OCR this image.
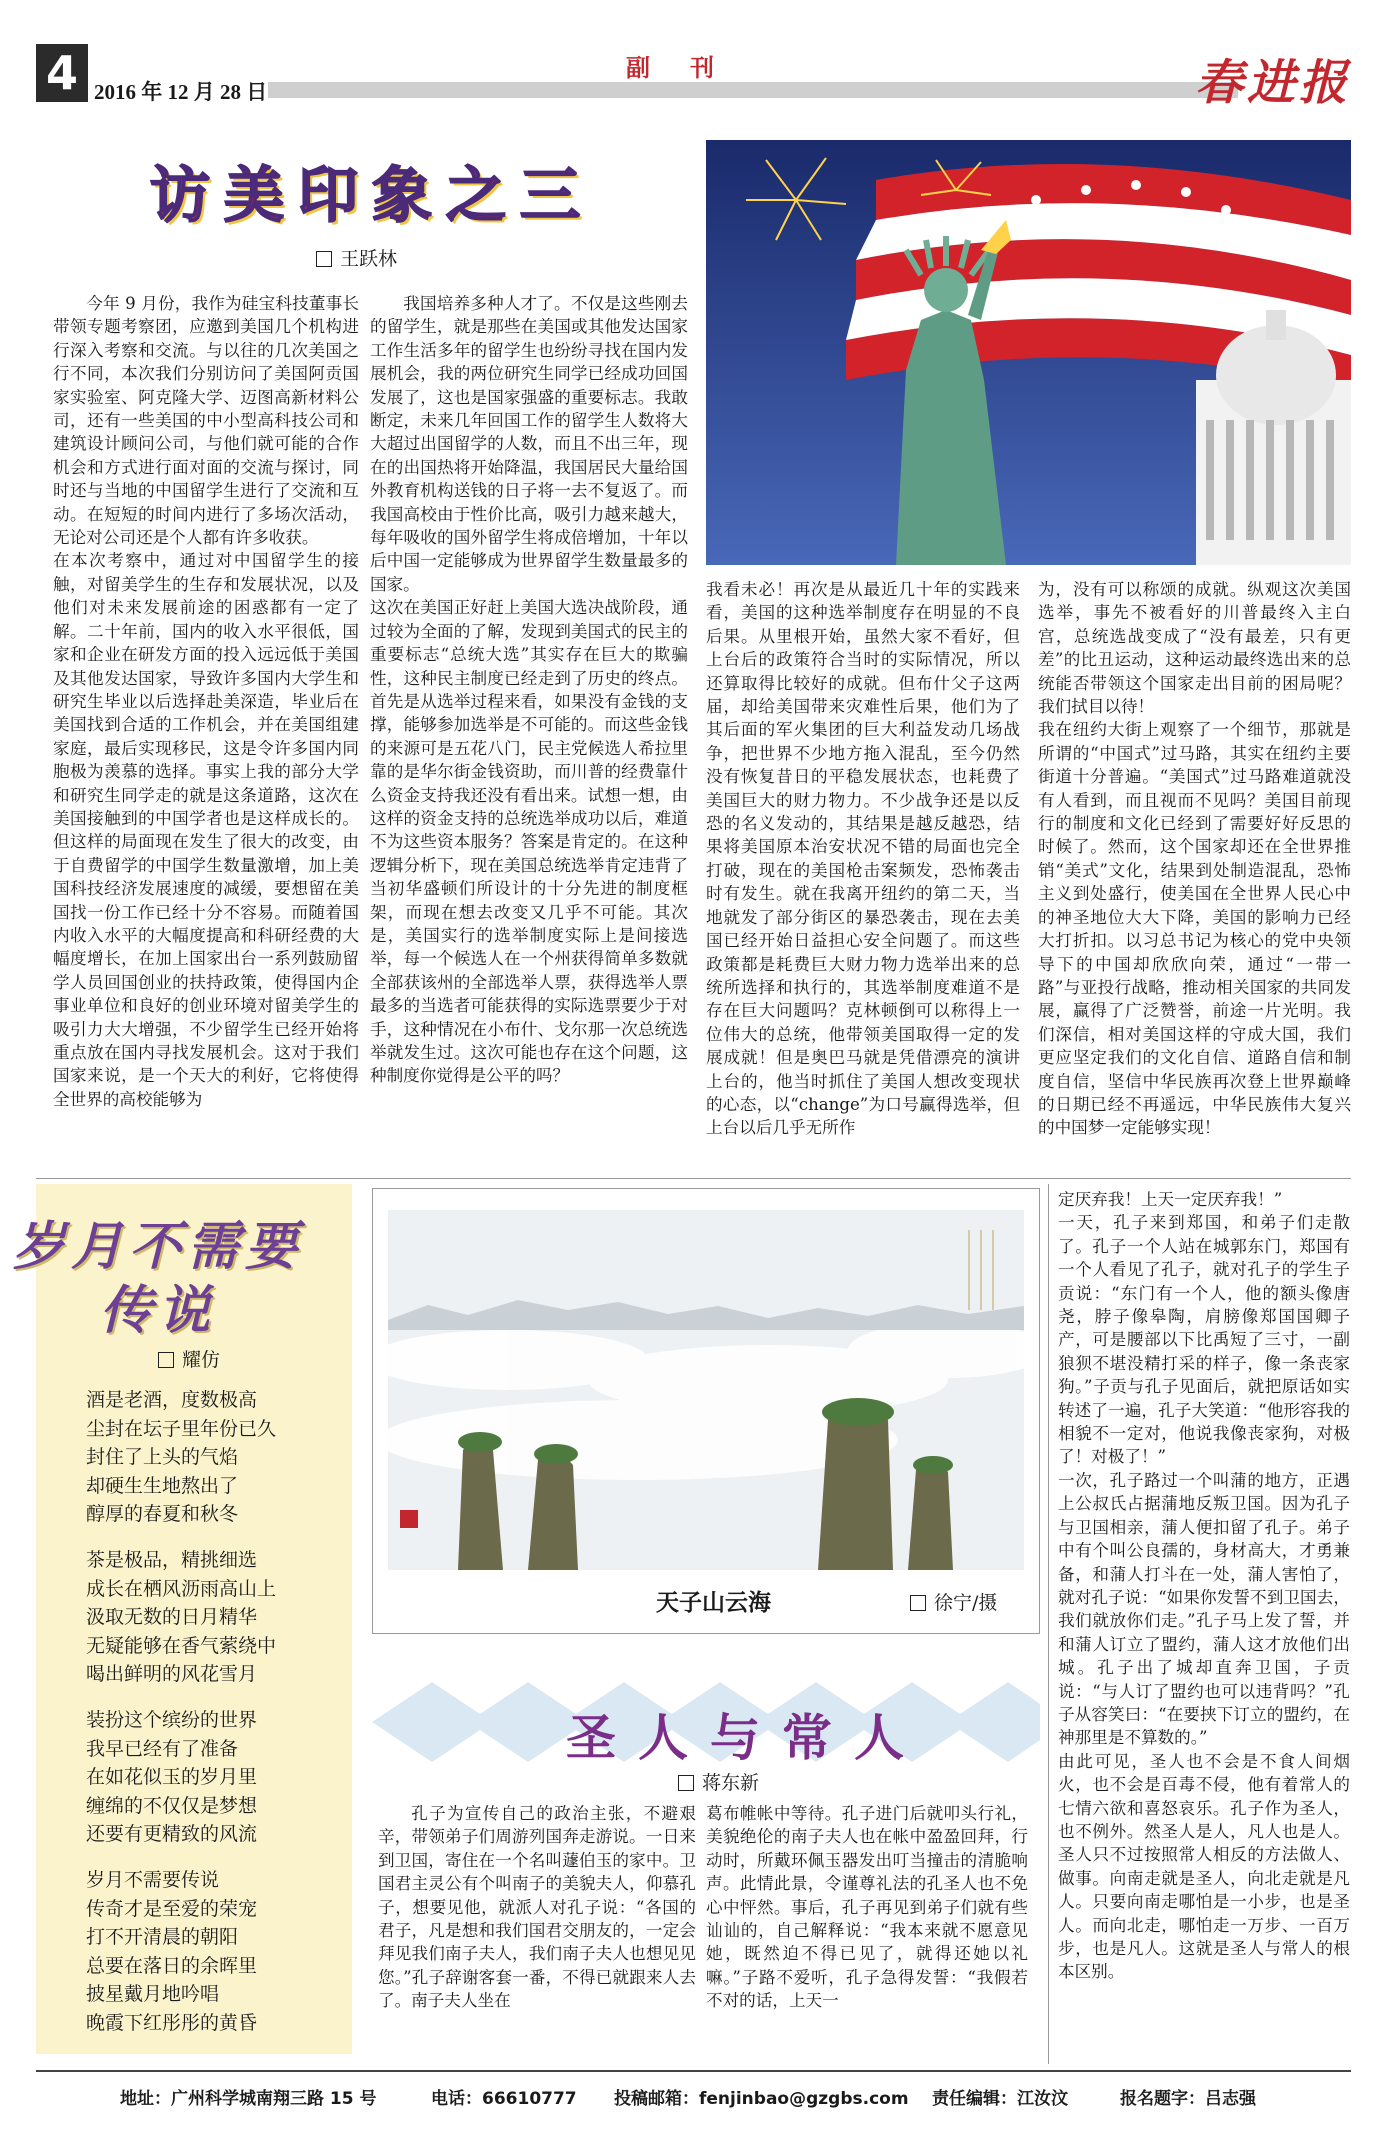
4 2016 年 12 月 28 日
副刊	春进报
访美印象之三
王跃林
今年 9 月份，我作为硅宝科技董事长带领专题考察团，应邀到美国几个机构进行深入考察和交流。与以往的几次美国之行不同，本次我们分别访问了美国阿贡国家实验室、阿克隆大学、迈图高新材料公司，还有一些美国的中小型高科技公司和建筑设计顾问公司，与他们就可能的合作机会和方式进行面对面的交流与探讨，同时还与当地的中国留学生进行了交流和互动。在短短的时间内进行了多场次活动，无论对公司还是个人都有许多收获。
在本次考察中，通过对中国留学生的接触，对留美学生的生存和发展状况，以及他们对未来发展前途的困惑都有一定了解。二十年前，国内的收入水平很低，国家和企业在研发方面的投入远远低于美国及其他发达国家，导致许多国内大学生和研究生毕业以后选择赴美深造，毕业后在美国找到合适的工作机会，并在美国组建家庭，最后实现移民，这是令许多国内同胞极为羡慕的选择。事实上我的部分大学和研究生同学走的就是这条道路，这次在美国接触到的中国学者也是这样成长的。但这样的局面现在发生了很大的改变，由于自费留学的中国学生数量激增，加上美国科技经济发展速度的减缓，要想留在美国找一份工作已经十分不容易。而随着国内收入水平的大幅度提高和科研经费的大幅度增长，在加上国家出台一系列鼓励留学人员回国创业的扶持政策，使得国内企事业单位和良好的创业环境对留美学生的吸引力大大增强，不少留学生已经开始将重点放在国内寻找发展机会。这对于我们国家来说，是一个天大的利好，它将使得全世界的高校能够为
我国培养多种人才了。不仅是这些刚去的留学生，就是那些在美国或其他发达国家工作生活多年的留学生也纷纷寻找在国内发展机会，我的两位研究生同学已经成功回国发展了，这也是国家强盛的重要标志。我敢断定，未来几年回国工作的留学生人数将大大超过出国留学的人数，而且不出三年，现在的出国热将开始降温，我国居民大量给国外教育机构送钱的日子将一去不复返了。而我国高校由于性价比高，吸引力越来越大，每年吸收的国外留学生将成倍增加，十年以后中国一定能够成为世界留学生数量最多的国家。
这次在美国正好赶上美国大选决战阶段，通过较为全面的了解，发现到美国式的民主的重要标志“总统大选”其实存在巨大的欺骗性，这种民主制度已经走到了历史的终点。首先是从选举过程来看，如果没有金钱的支撑，能够参加选举是不可能的。而这些金钱的来源可是五花八门，民主党候选人希拉里靠的是华尔街金钱资助，而川普的经费靠什么资金支持我还没有看出来。试想一想，由这样的资金支持的总统选举成功以后，难道不为这些资本服务？答案是肯定的。在这种逻辑分析下，现在美国总统选举肯定违背了当初华盛顿们所设计的十分先进的制度框架，而现在想去改变又几乎不可能。其次是，美国实行的选举制度实际上是间接选举，每一个候选人在一个州获得简单多数就全部获该州的全部选举人票，获得选举人票最多的当选者可能获得的实际选票要少于对手，这种情况在小布什、戈尔那一次总统选举就发生过。这次可能也存在这个问题，这种制度你觉得是公平的吗？
我看未必！再次是从最近几十年的实践来看，美国的这种选举制度存在明显的不良后果。从里根开始，虽然大家不看好，但上台后的政策符合当时的实际情况，所以还算取得比较好的成就。但布什父子这两届，却给美国带来灾难性后果，他们为了其后面的军火集团的巨大利益发动几场战争，把世界不少地方拖入混乱，至今仍然没有恢复昔日的平稳发展状态，也耗费了美国巨大的财力物力。不少战争还是以反恐的名义发动的，其结果是越反越恐，结果将美国原本治安状况不错的局面也完全打破，现在的美国枪击案频发，恐怖袭击时有发生。就在我离开纽约的第二天，当地就发了部分街区的暴恐袭击，现在去美国已经开始日益担心安全问题了。而这些政策都是耗费巨大财力物力选举出来的总统所选择和执行的，其选举制度难道不是存在巨大问题吗？克林顿倒可以称得上一位伟大的总统，他带领美国取得一定的发展成就！但是奥巴马就是凭借漂亮的演讲上台的，他当时抓住了美国人想改变现状的心态，以“change”为口号赢得选举，但上台以后几乎无所作
为，没有可以称颂的成就。纵观这次美国选举，事先不被看好的川普最终入主白宫，总统选战变成了“没有最差，只有更差”的比丑运动，这种运动最终选出来的总统能否带领这个国家走出目前的困局呢？我们拭目以待！
我在纽约大街上观察了一个细节，那就是所谓的“中国式”过马路，其实在纽约主要街道十分普遍。“美国式”过马路难道就没有人看到，而且视而不见吗？美国目前现行的制度和文化已经到了需要好好反思的时候了。然而，这个国家却还在全世界推销“美式”文化，结果到处制造混乱，恐怖主义到处盛行，使美国在全世界人民心中的神圣地位大大下降，美国的影响力已经大打折扣。以习总书记为核心的党中央领导下的中国却欣欣向荣，通过“一带一路”与亚投行战略，推动相关国家的共同发展，赢得了广泛赞誉，前途一片光明。我们深信，相对美国这样的守成大国，我们更应坚定我们的文化自信、道路自信和制度自信，坚信中华民族再次登上世界巅峰的日期已经不再遥远，中华民族伟大复兴的中国梦一定能够实现！
岁月不需要
传说
耀仿
酒是老酒，度数极高
尘封在坛子里年份已久
封住了上头的气焰
却硬生生地熬出了
醇厚的春夏和秋冬
茶是极品，精挑细选
成长在栖风沥雨高山上
汲取无数的日月精华
无疑能够在香气萦绕中
喝出鲜明的风花雪月
装扮这个缤纷的世界
我早已经有了准备
在如花似玉的岁月里
缠绵的不仅仅是梦想
还要有更精致的风流
岁月不需要传说
传奇才是至爱的荣宠
打不开清晨的朝阳
总要在落日的余晖里
披星戴月地吟唱
晚霞下红彤彤的黄昏
天子山云海	徐宁/摄
圣人与常人
蒋东新
孔子为宣传自己的政治主张，不避艰辛，带领弟子们周游列国奔走游说。一日来到卫国，寄住在一个名叫蘧伯玉的家中。卫国君主灵公有个叫南子的美貌夫人，仰慕孔子，想要见他，就派人对孔子说：“各国的君子，凡是想和我们国君交朋友的，一定会拜见我们南子夫人，我们南子夫人也想见见您。”孔子辞谢客套一番，不得已就跟来人去了。南子夫人坐在
葛布帷帐中等待。孔子进门后就叩头行礼，美貌绝伦的南子夫人也在帐中盈盈回拜，行动时，所戴环佩玉器发出叮当撞击的清脆响声。此情此景，令谨尊礼法的孔圣人也不免心中怦然。事后，孔子再见到弟子们就有些讪讪的，自己解释说：“我本来就不愿意见她，既然迫不得已见了，就得还她以礼嘛。”子路不爱听，孔子急得发誓：“我假若不对的话，上天一
定厌弃我！上天一定厌弃我！”
一天，孔子来到郑国，和弟子们走散了。孔子一个人站在城郭东门，郑国有一个人看见了孔子，就对孔子的学生子贡说：“东门有一个人，他的额头像唐尧，脖子像皋陶，肩膀像郑国国卿子产，可是腰部以下比禹短了三寸，一副狼狈不堪没精打采的样子，像一条丧家狗。”子贡与孔子见面后，就把原话如实转述了一遍，孔子大笑道：“他形容我的相貌不一定对，他说我像丧家狗，对极了！对极了！”
一次，孔子路过一个叫蒲的地方，正遇上公叔氏占据蒲地反叛卫国。因为孔子与卫国相亲，蒲人便扣留了孔子。弟子中有个叫公良孺的，身材高大，才勇兼备，和蒲人打斗在一处，蒲人害怕了，就对孔子说：“如果你发誓不到卫国去，我们就放你们走。”孔子马上发了誓，并和蒲人订立了盟约，蒲人这才放他们出城。孔子出了城却直奔卫国，子贡说：“与人订了盟约也可以违背吗？”孔子从容笑曰：“在要挟下订立的盟约，在神那里是不算数的。”
由此可见，圣人也不会是不食人间烟火，也不会是百毒不侵，他有着常人的七情六欲和喜怒哀乐。孔子作为圣人，也不例外。然圣人是人，凡人也是人。圣人只不过按照常人相反的方法做人、做事。向南走就是圣人，向北走就是凡人。只要向南走哪怕是一小步，也是圣人。而向北走，哪怕走一万步、一百万步，也是凡人。这就是圣人与常人的根本区别。
地址：广州科学城南翔三路 15 号	电话：66610777 投稿邮箱：fenjinbao@gzgbs.com 责任编辑：江汝汶	报名题字：吕志强
